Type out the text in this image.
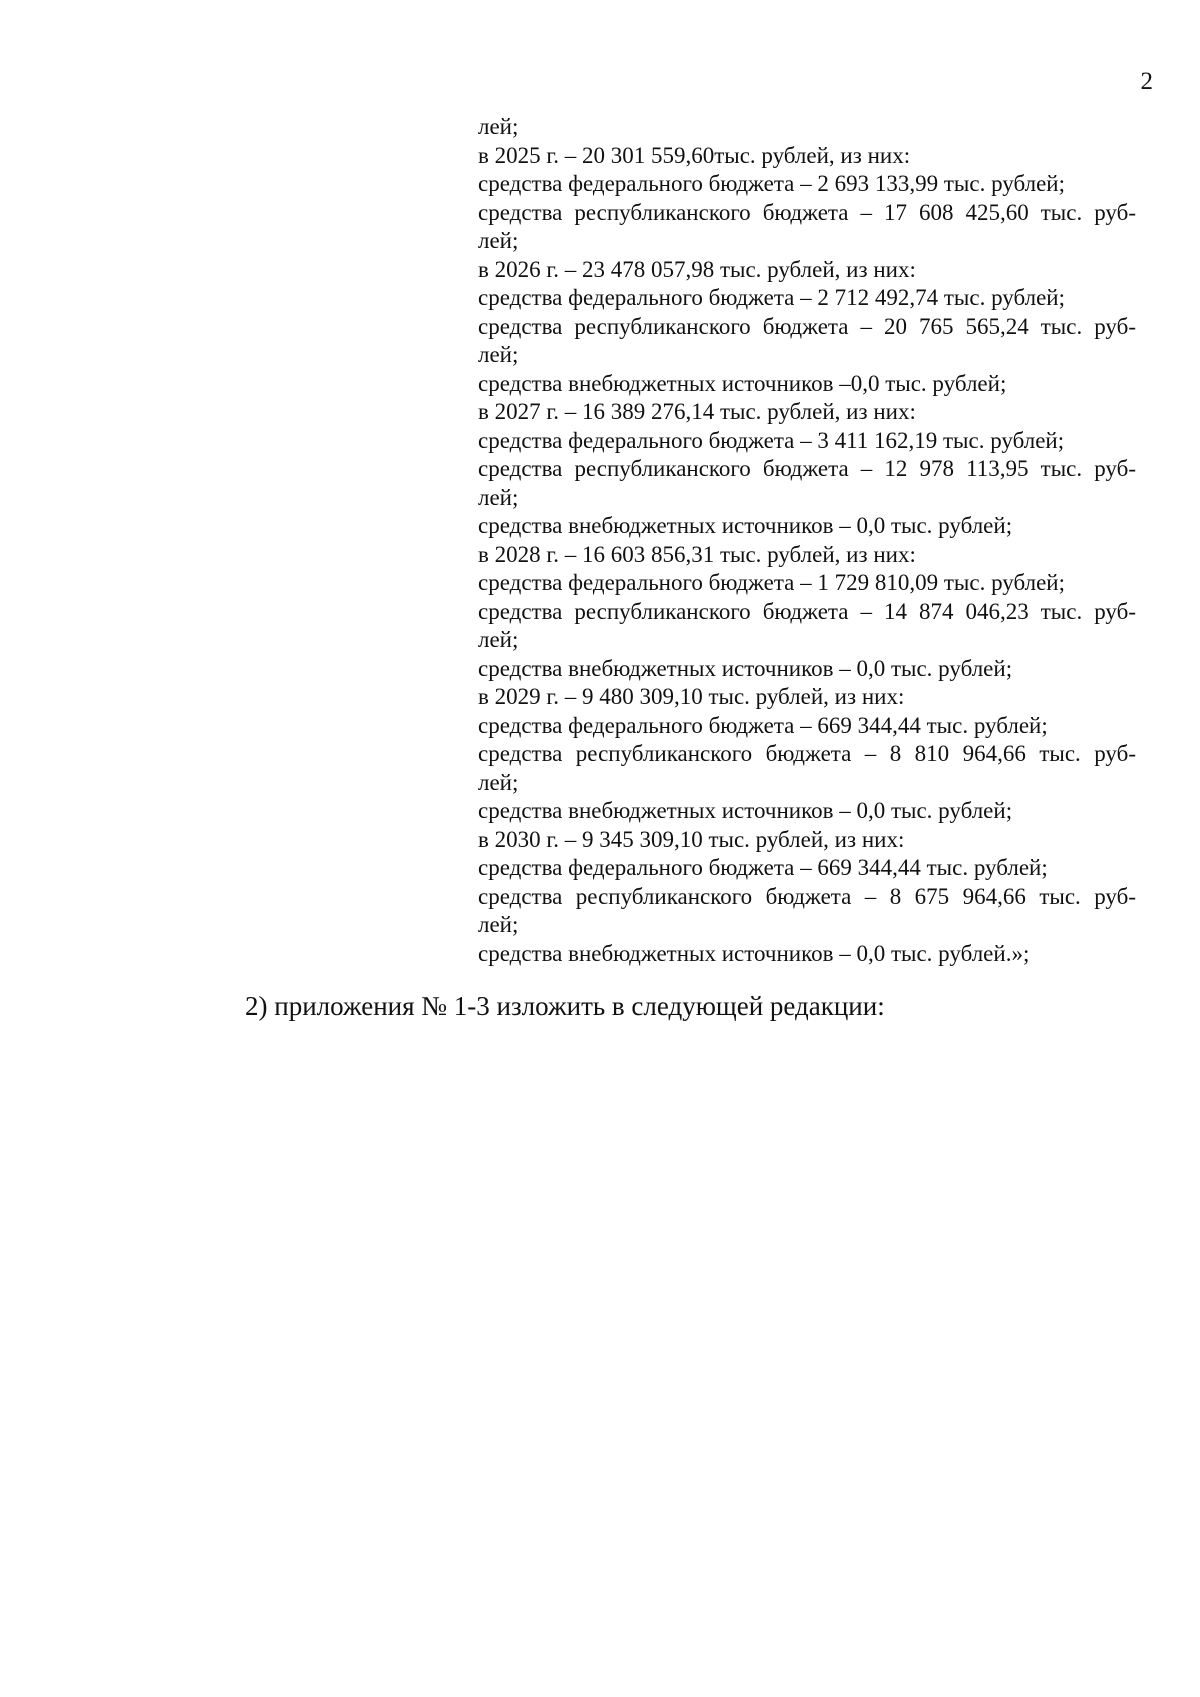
2
лей;
в 2025 г. – 20 301 559,60тыс. рублей, из них:
средства федерального бюджета – 2 693 133,99 тыс. рублей;
средства республиканского бюджета – 17 608 425,60 тыс. руб-
лей;
в 2026 г. – 23 478 057,98 тыс. рублей, из них:
средства федерального бюджета – 2 712 492,74 тыс. рублей;
средства республиканского бюджета – 20 765 565,24 тыс. руб-
лей;
средства внебюджетных источников –0,0 тыс. рублей;
в 2027 г. – 16 389 276,14 тыс. рублей, из них:
средства федерального бюджета – 3 411 162,19 тыс. рублей;
средства республиканского бюджета – 12 978 113,95 тыс. руб-
лей;
средства внебюджетных источников – 0,0 тыс. рублей;
в 2028 г. – 16 603 856,31 тыс. рублей, из них:
средства федерального бюджета – 1 729 810,09 тыс. рублей;
средства республиканского бюджета – 14 874 046,23 тыс. руб-
лей;
средства внебюджетных источников – 0,0 тыс. рублей;
в 2029 г. – 9 480 309,10 тыс. рублей, из них:
средства федерального бюджета – 669 344,44 тыс. рублей;
средства республиканского бюджета – 8 810 964,66 тыс. руб-
лей;
средства внебюджетных источников – 0,0 тыс. рублей;
в 2030 г. – 9 345 309,10 тыс. рублей, из них:
средства федерального бюджета – 669 344,44 тыс. рублей;
средства республиканского бюджета – 8 675 964,66 тыс. руб-
лей;
средства внебюджетных источников – 0,0 тыс. рублей.»;
2) приложения № 1-3 изложить в следующей редакции:
